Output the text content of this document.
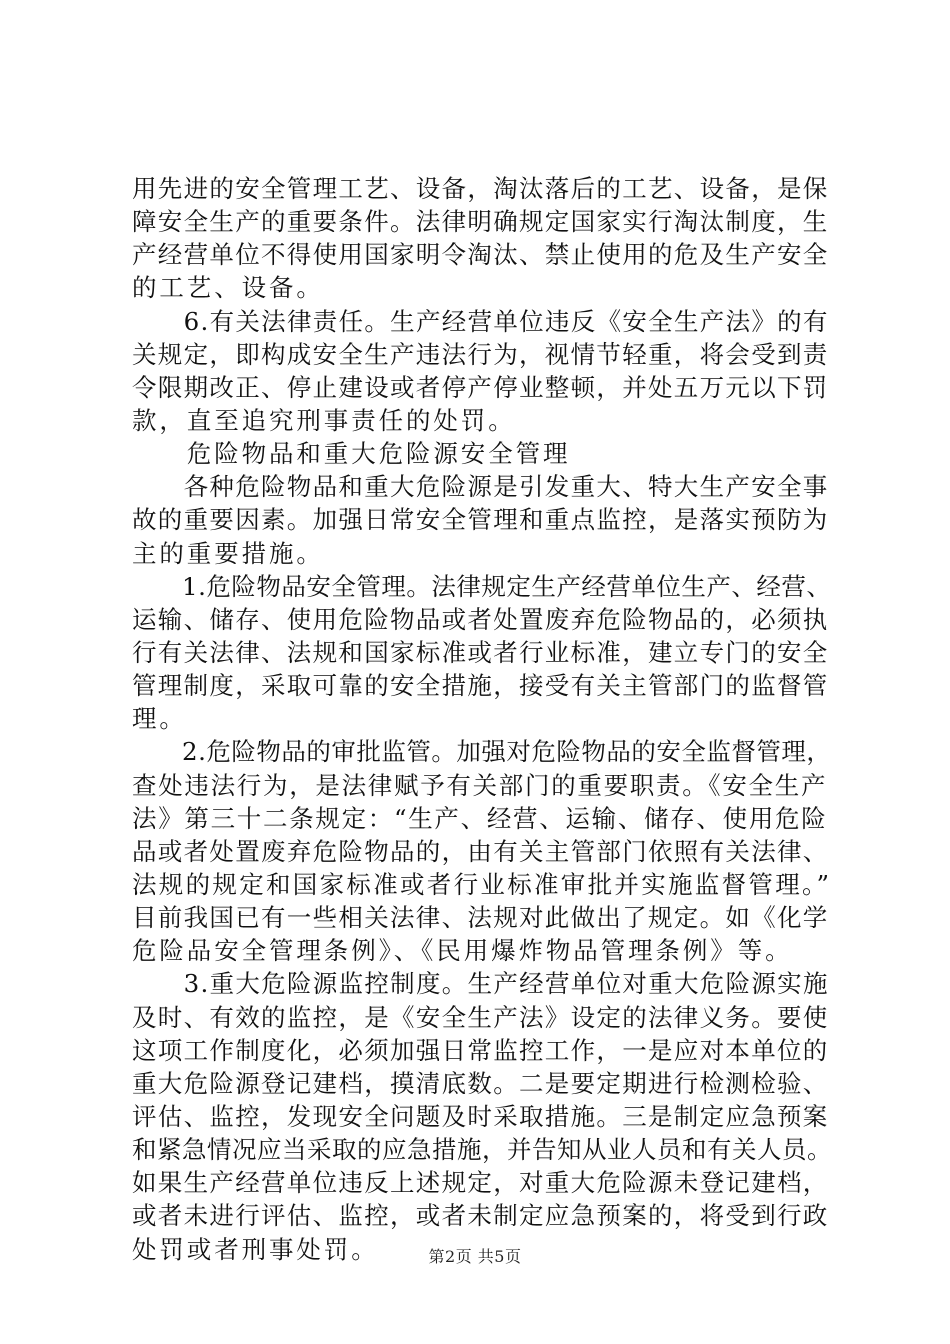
用先进的安全管理工艺、设备，淘汰落后的工艺、设备，是保
障安全生产的重要条件。法律明确规定国家实行淘汰制度，生
产经营单位不得使用国家明令淘汰、禁止使用的危及生产安全
的工艺、设备。
　　6.有关法律责任。生产经营单位违反《安全生产法》的有
关规定，即构成安全生产违法行为，视情节轻重，将会受到责
令限期改正、停止建设或者停产停业整顿，并处五万元以下罚
款，直至追究刑事责任的处罚。
　　危险物品和重大危险源安全管理
　　各种危险物品和重大危险源是引发重大、特大生产安全事
故的重要因素。加强日常安全管理和重点监控，是落实预防为
主的重要措施。
　　1.危险物品安全管理。法律规定生产经营单位生产、经营、
运输、储存、使用危险物品或者处置废弃危险物品的，必须执
行有关法律、法规和国家标准或者行业标准，建立专门的安全
管理制度，采取可靠的安全措施，接受有关主管部门的监督管
理。
　　2.危险物品的审批监管。加强对危险物品的安全监督管理，
查处违法行为，是法律赋予有关部门的重要职责。《安全生产
法》第三十二条规定：“生产、经营、运输、储存、使用危险
品或者处置废弃危险物品的，由有关主管部门依照有关法律、
法规的规定和国家标准或者行业标准审批并实施监督管理。”
目前我国已有一些相关法律、法规对此做出了规定。如《化学
危险品安全管理条例》、《民用爆炸物品管理条例》等。
　　3.重大危险源监控制度。生产经营单位对重大危险源实施
及时、有效的监控，是《安全生产法》设定的法律义务。要使
这项工作制度化，必须加强日常监控工作，一是应对本单位的
重大危险源登记建档，摸清底数。二是要定期进行检测检验、
评估、监控，发现安全问题及时采取措施。三是制定应急预案
和紧急情况应当采取的应急措施，并告知从业人员和有关人员。
如果生产经营单位违反上述规定，对重大危险源未登记建档，
或者未进行评估、监控，或者未制定应急预案的，将受到行政
处罚或者刑事处罚。	第2页 共5页
